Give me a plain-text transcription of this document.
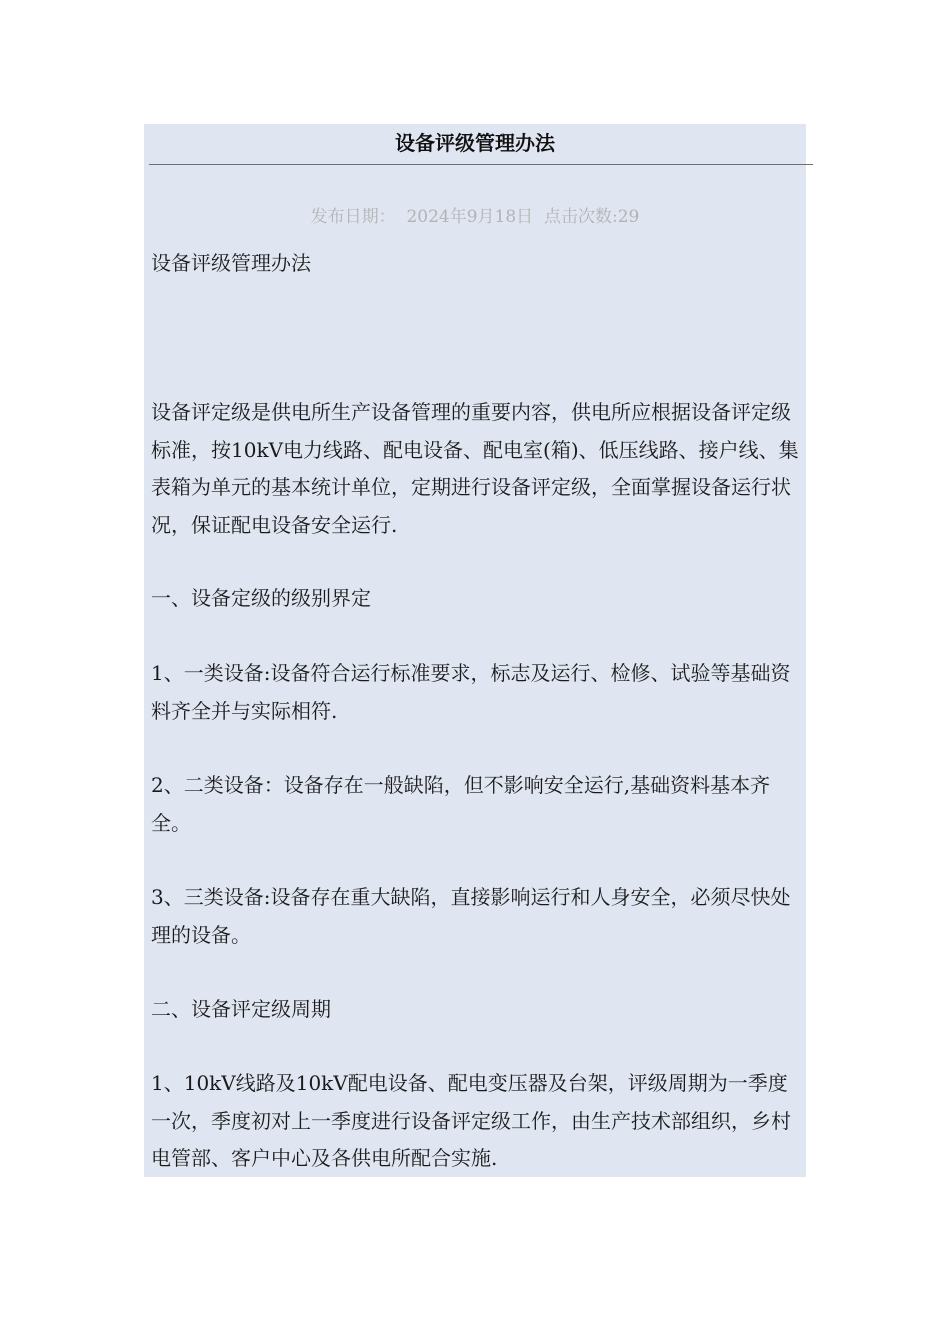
设备评级管理办法
发布日期： 2024年9月18日 点击次数:29

设备评级管理办法

设备评定级是供电所生产设备管理的重要内容，供电所应根据设备评定级标准，按10kV电力线路、配电设备、配电室(箱)、低压线路、接户线、集表箱为单元的基本统计单位，定期进行设备评定级，全面掌握设备运行状况，保证配电设备安全运行.

一、设备定级的级别界定

1、一类设备:设备符合运行标准要求，标志及运行、检修、试验等基础资料齐全并与实际相符.

2、二类设备：设备存在一般缺陷，但不影响安全运行,基础资料基本齐全。

3、三类设备:设备存在重大缺陷，直接影响运行和人身安全，必须尽快处理的设备。

二、设备评定级周期

1、10kV线路及10kV配电设备、配电变压器及台架，评级周期为一季度一次，季度初对上一季度进行设备评定级工作，由生产技术部组织，乡村电管部、客户中心及各供电所配合实施.
